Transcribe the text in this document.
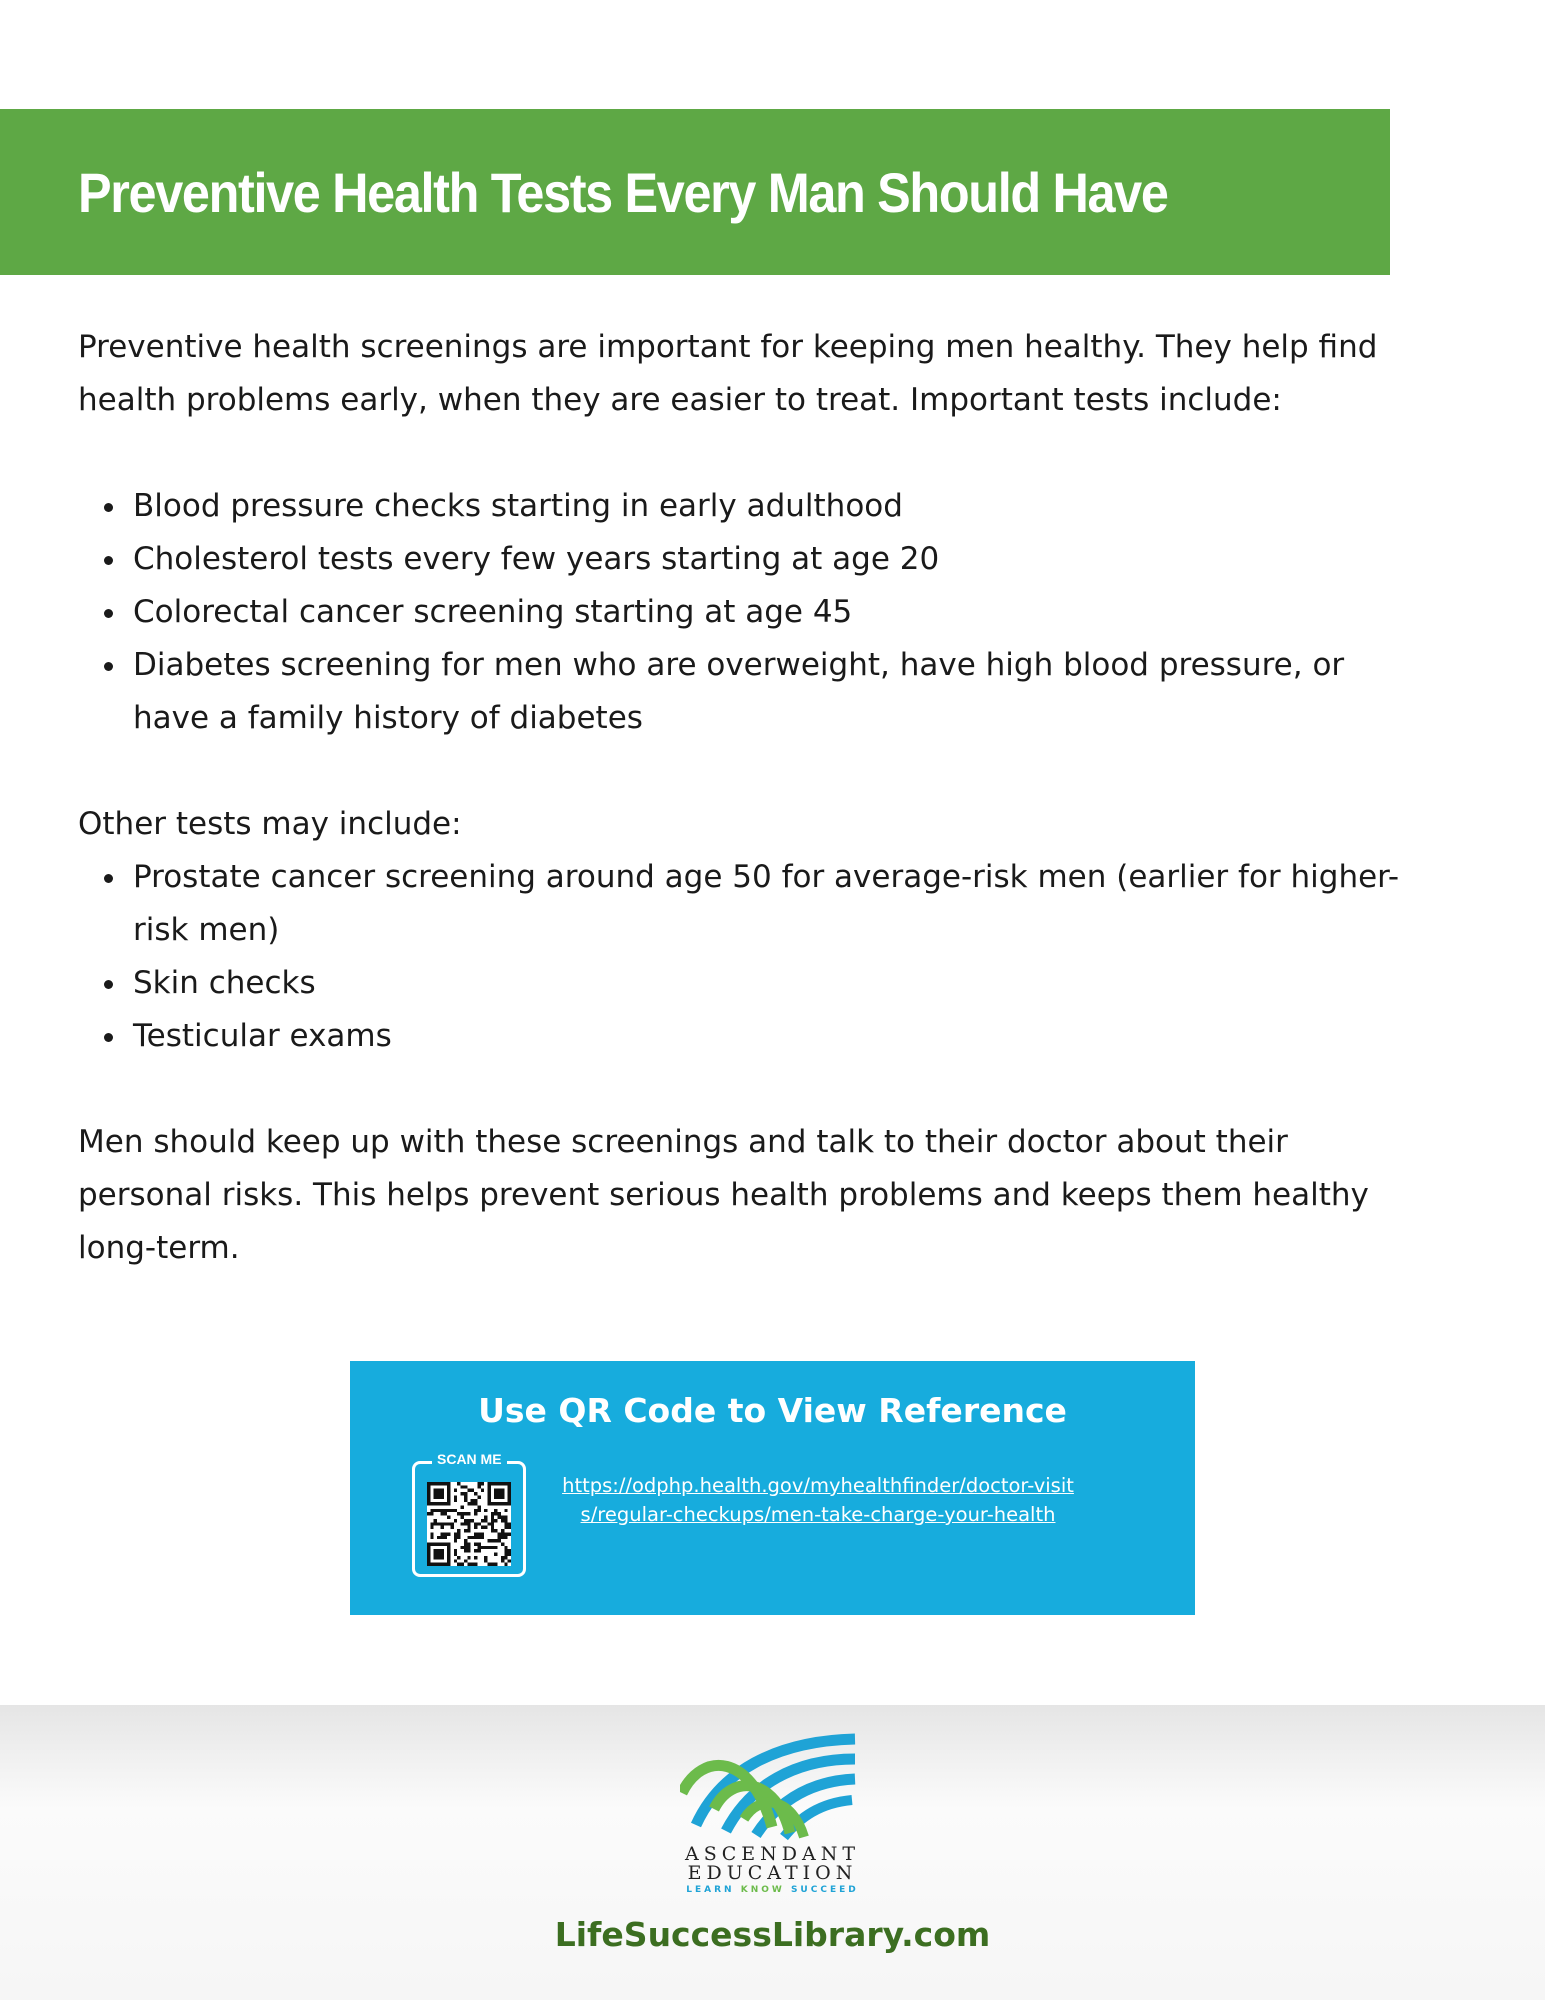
Preventive Health Tests Every Man Should Have

Preventive health screenings are important for keeping men healthy. They help find health problems early, when they are easier to treat. Important tests include:

Blood pressure checks starting in early adulthood
Cholesterol tests every few years starting at age 20
Colorectal cancer screening starting at age 45
Diabetes screening for men who are overweight, have high blood pressure, or have a family history of diabetes

Other tests may include:

Prostate cancer screening around age 50 for average-risk men (earlier for higher-risk men)
Skin checks
Testicular exams

Men should keep up with these screenings and talk to their doctor about their personal risks. This helps prevent serious health problems and keeps them healthy long-term.

Use QR Code to View Reference
SCAN ME
https://odphp.health.gov/myhealthfinder/doctor-visits/regular-checkups/men-take-charge-your-health
ASCENDANT
EDUCATION
LEARN KNOW SUCCEED
LifeSuccessLibrary.com
